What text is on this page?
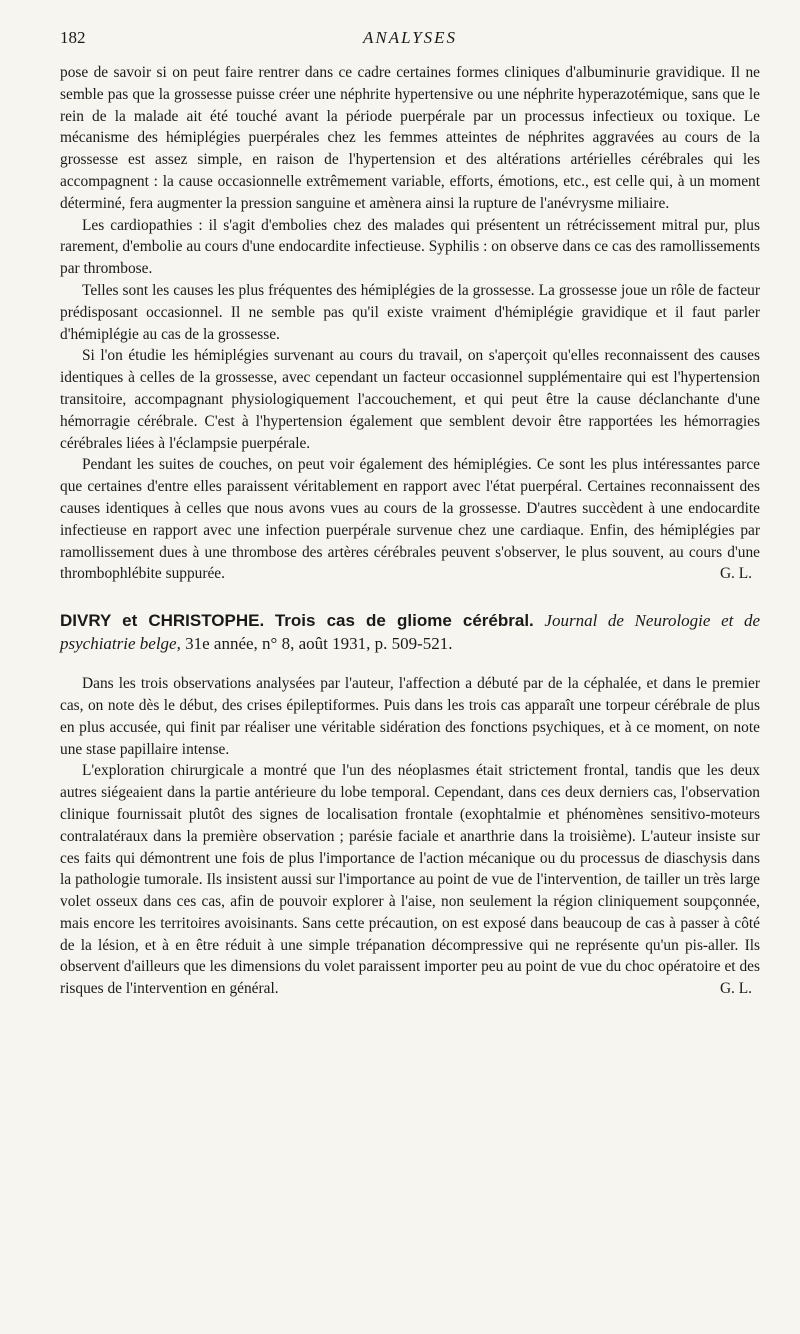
182	ANALYSES

pose de savoir si on peut faire rentrer dans ce cadre certaines formes cliniques d'albuminurie gravidique. Il ne semble pas que la grossesse puisse créer une néphrite hypertensive ou une néphrite hyperazotémique, sans que le rein de la malade ait été touché avant la période puerpérale par un processus infectieux ou toxique. Le mécanisme des hémiplégies puerpérales chez les femmes atteintes de néphrites aggravées au cours de la grossesse est assez simple, en raison de l'hypertension et des altérations artérielles cérébrales qui les accompagnent : la cause occasionnelle extrêmement variable, efforts, émotions, etc., est celle qui, à un moment déterminé, fera augmenter la pression sanguine et amènera ainsi la rupture de l'anévrysme miliaire.

Les cardiopathies : il s'agit d'embolies chez des malades qui présentent un rétrécissement mitral pur, plus rarement, d'embolie au cours d'une endocardite infectieuse. Syphilis : on observe dans ce cas des ramollissements par thrombose.

Telles sont les causes les plus fréquentes des hémiplégies de la grossesse. La grossesse joue un rôle de facteur prédisposant occasionnel. Il ne semble pas qu'il existe vraiment d'hémiplégie gravidique et il faut parler d'hémiplégie au cas de la grossesse.

Si l'on étudie les hémiplégies survenant au cours du travail, on s'aperçoit qu'elles reconnaissent des causes identiques à celles de la grossesse, avec cependant un facteur occasionnel supplémentaire qui est l'hypertension transitoire, accompagnant physiologiquement l'accouchement, et qui peut être la cause déclanchante d'une hémorragie cérébrale. C'est à l'hypertension également que semblent devoir être rapportées les hémorragies cérébrales liées à l'éclampsie puerpérale.

Pendant les suites de couches, on peut voir également des hémiplégies. Ce sont les plus intéressantes parce que certaines d'entre elles paraissent véritablement en rapport avec l'état puerpéral. Certaines reconnaissent des causes identiques à celles que nous avons vues au cours de la grossesse. D'autres succèdent à une endocardite infectieuse en rapport avec une infection puerpérale survenue chez une cardiaque. Enfin, des hémiplégies par ramollissement dues à une thrombose des artères cérébrales peuvent s'observer, le plus souvent, au cours d'une thrombophlébite suppurée.	G. L.

DIVRY et CHRISTOPHE. Trois cas de gliome cérébral. Journal de Neurologie et de psychiatrie belge, 31e année, n° 8, août 1931, p. 509-521.

Dans les trois observations analysées par l'auteur, l'affection a débuté par de la céphalée, et dans le premier cas, on note dès le début, des crises épileptiformes. Puis dans les trois cas apparaît une torpeur cérébrale de plus en plus accusée, qui finit par réaliser une véritable sidération des fonctions psychiques, et à ce moment, on note une stase papillaire intense.

L'exploration chirurgicale a montré que l'un des néoplasmes était strictement frontal, tandis que les deux autres siégeaient dans la partie antérieure du lobe temporal. Cependant, dans ces deux derniers cas, l'observation clinique fournissait plutôt des signes de localisation frontale (exophtalmie et phénomènes sensitivo-moteurs contralatéraux dans la première observation ; parésie faciale et anarthrie dans la troisième). L'auteur insiste sur ces faits qui démontrent une fois de plus l'importance de l'action mécanique ou du processus de diaschysis dans la pathologie tumorale. Ils insistent aussi sur l'importance au point de vue de l'intervention, de tailler un très large volet osseux dans ces cas, afin de pouvoir explorer à l'aise, non seulement la région cliniquement soupçonnée, mais encore les territoires avoisinants. Sans cette précaution, on est exposé dans beaucoup de cas à passer à côté de la lésion, et à en être réduit à une simple trépanation décompressive qui ne représente qu'un pis-aller. Ils observent d'ailleurs que les dimensions du volet paraissent importer peu au point de vue du choc opératoire et des risques de l'intervention en général.	G. L.
